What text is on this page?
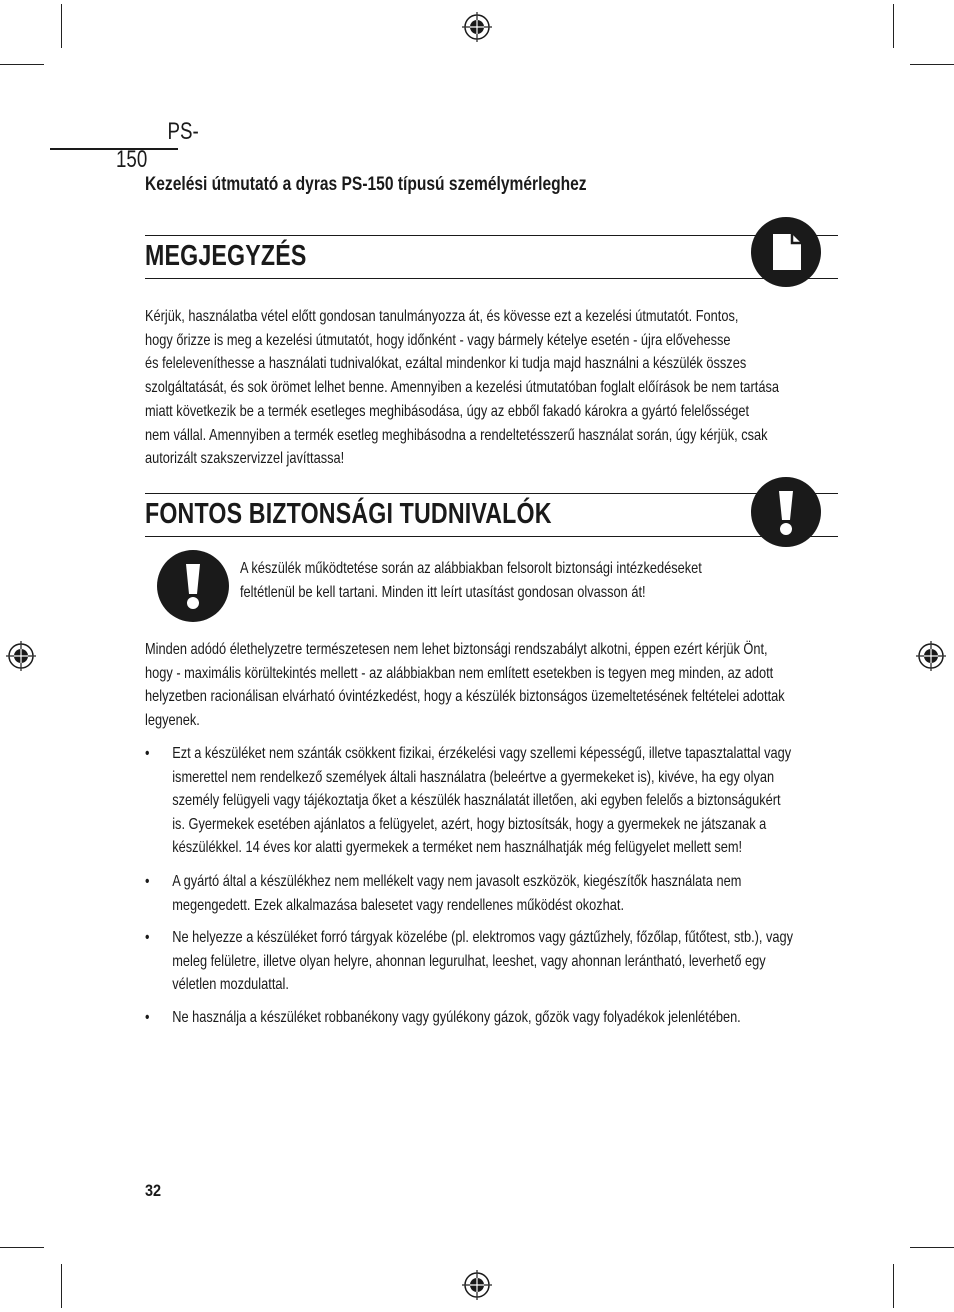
PS-150
Kezelési útmutató a dyras PS-150 típusú személymérleghez
MEGJEGYZÉS
Kérjük, használatba vétel előtt gondosan tanulmányozza át, és kövesse ezt a kezelési útmutatót. Fontos,
hogy őrizze is meg a kezelési útmutatót, hogy időnként - vagy bármely kételye esetén - újra elővehesse
és feleleveníthesse a használati tudnivalókat, ezáltal mindenkor ki tudja majd használni a készülék összes
szolgáltatását, és sok örömet lelhet benne. Amennyiben a kezelési útmutatóban foglalt előírások be nem tartása
miatt következik be a termék esetleges meghibásodása, úgy az ebből fakadó károkra a gyártó felelősséget
nem vállal. Amennyiben a termék esetleg meghibásodna a rendeltetésszerű használat során, úgy kérjük, csak
autorizált szakszervizzel javíttassa!
FONTOS BIZTONSÁGI TUDNIVALÓK
A készülék működtetése során az alábbiakban felsorolt biztonsági intézkedéseket
feltétlenül be kell tartani. Minden itt leírt utasítást gondosan olvasson át!
Minden adódó élethelyzetre természetesen nem lehet biztonsági rendszabályt alkotni, éppen ezért kérjük Önt,
hogy - maximális körültekintés mellett - az alábbiakban nem említett esetekben is tegyen meg minden, az adott
helyzetben racionálisan elvárható óvintézkedést, hogy a készülék biztonságos üzemeltetésének feltételei adottak
legyenek.
• Ezt a készüléket nem szánták csökkent fizikai, érzékelési vagy szellemi képességű, illetve tapasztalattal vagy
ismerettel nem rendelkező személyek általi használatra (beleértve a gyermekeket is), kivéve, ha egy olyan
személy felügyeli vagy tájékoztatja őket a készülék használatát illetően, aki egyben felelős a biztonságukért
is. Gyermekek esetében ajánlatos a felügyelet, azért, hogy biztosítsák, hogy a gyermekek ne játszanak a
készülékkel. 14 éves kor alatti gyermekek a terméket nem használhatják még felügyelet mellett sem!
• A gyártó által a készülékhez nem mellékelt vagy nem javasolt eszközök, kiegészítők használata nem
megengedett. Ezek alkalmazása balesetet vagy rendellenes működést okozhat.
• Ne helyezze a készüléket forró tárgyak közelébe (pl. elektromos vagy gáztűzhely, főzőlap, fűtőtest, stb.), vagy
meleg felületre, illetve olyan helyre, ahonnan legurulhat, leeshet, vagy ahonnan lerántható, leverhető egy
véletlen mozdulattal.
• Ne használja a készüléket robbanékony vagy gyúlékony gázok, gőzök vagy folyadékok jelenlétében.
32
